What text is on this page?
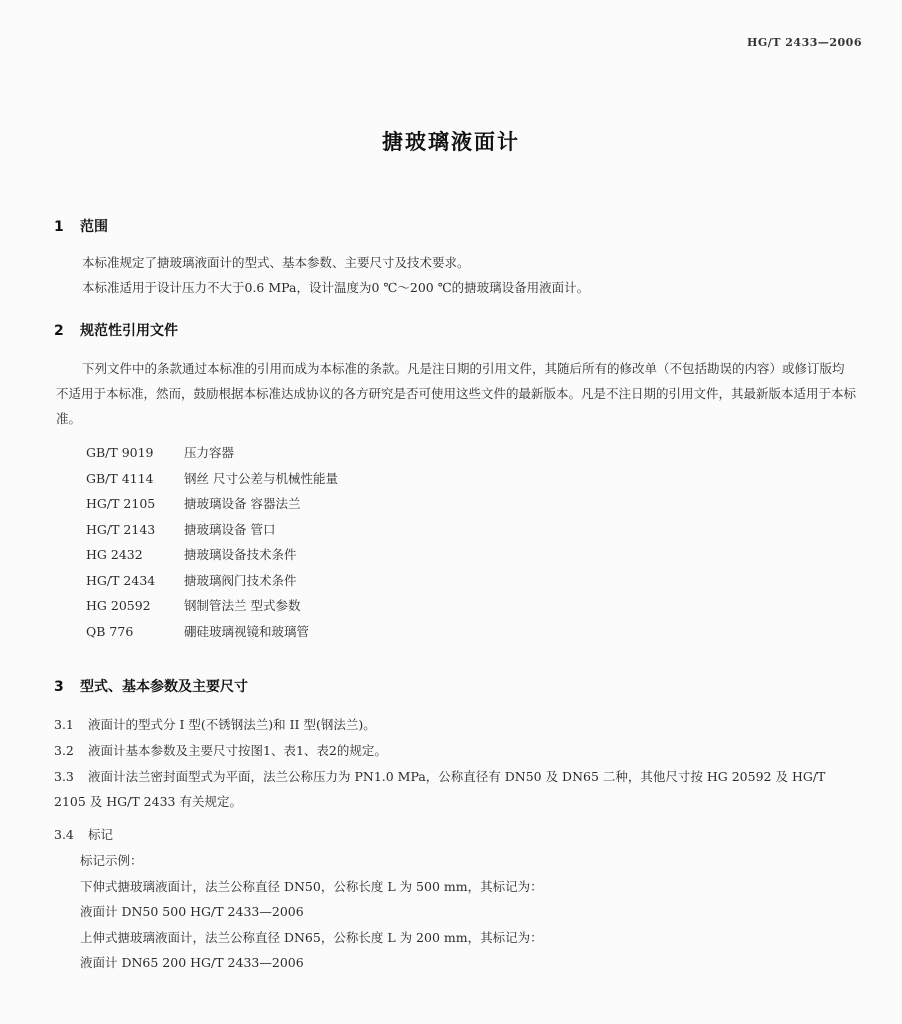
HG/T 2433—2006
搪玻璃液面计
1 范围

本标准规定了搪玻璃液面计的型式、基本参数、主要尺寸及技术要求。

本标准适用于设计压力不大于0.6 MPa，设计温度为0 ℃～200 ℃的搪玻璃设备用液面计。

2 规范性引用文件

下列文件中的条款通过本标准的引用而成为本标准的条款。凡是注日期的引用文件，其随后所有的修改单（不包括勘误的内容）或修订版均不适用于本标准，然而，鼓励根据本标准达成协议的各方研究是否可使用这些文件的最新版本。凡是不注日期的引用文件，其最新版本适用于本标准。

GB/T 9019 压力容器
GB/T 4114 钢丝 尺寸公差与机械性能量
HG/T 2105 搪玻璃设备 容器法兰
HG/T 2143 搪玻璃设备 管口
HG 2432	搪玻璃设备技术条件
HG/T 2434 搪玻璃阀门技术条件
HG 20592	钢制管法兰 型式参数
QB 776	硼硅玻璃视镜和玻璃管
3 型式、基本参数及主要尺寸
3.1 液面计的型式分 I 型(不锈钢法兰)和 II 型(钢法兰)。
3.2 液面计基本参数及主要尺寸按图1、表1、表2的规定。
3.3 液面计法兰密封面型式为平面，法兰公称压力为 PN1.0 MPa，公称直径有 DN50 及 DN65 二种，其他尺寸按 HG 20592 及 HG/T 2105 及 HG/T 2433 有关规定。
3.4 标记
标记示例：
下伸式搪玻璃液面计，法兰公称直径 DN50，公称长度 L 为 500 mm，其标记为：
液面计 DN50 500 HG/T 2433—2006
上伸式搪玻璃液面计，法兰公称直径 DN65，公称长度 L 为 200 mm，其标记为：
液面计 DN65 200 HG/T 2433—2006
